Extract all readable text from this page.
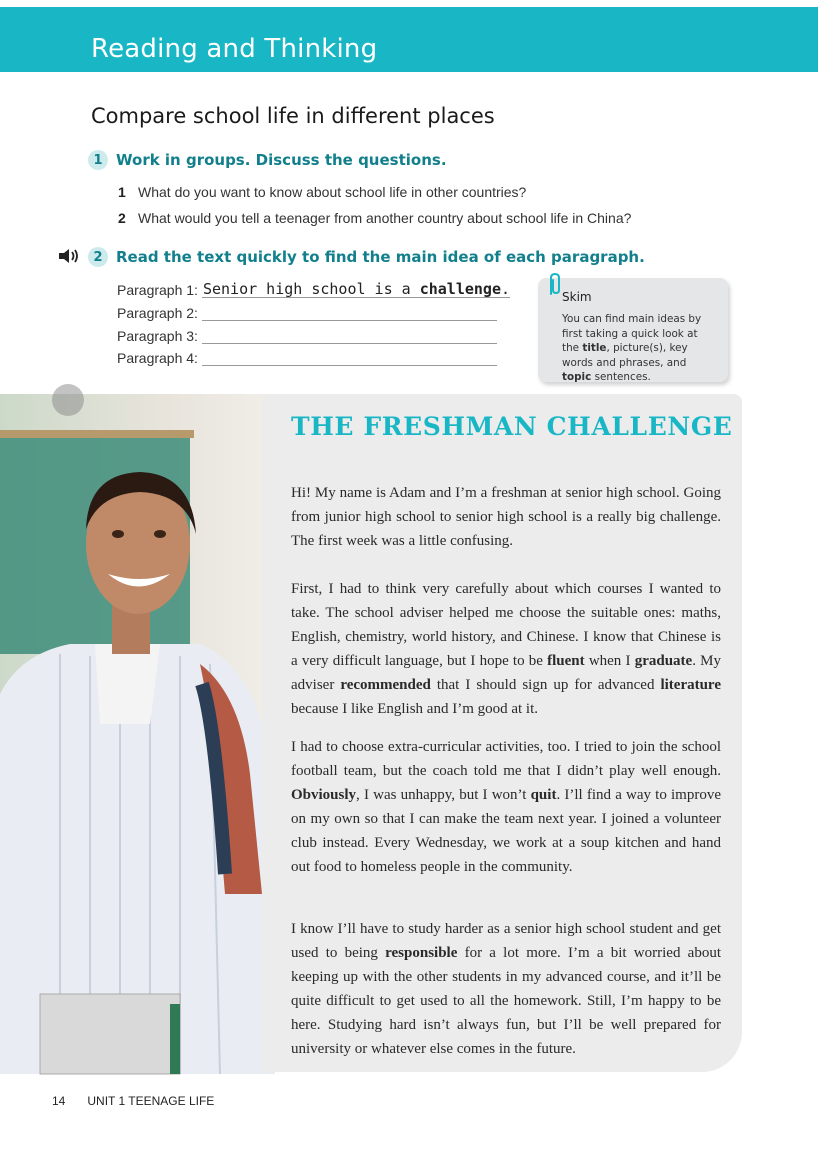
Reading and Thinking
Compare school life in different places
1 Work in groups. Discuss the questions.
1 What do you want to know about school life in other countries?
2 What would you tell a teenager from another country about school life in China?
2 Read the text quickly to find the main idea of each paragraph.
Paragraph 1: Senior high school is a challenge.
Paragraph 2:
Paragraph 3:
Paragraph 4:
Skim
You can find main ideas by first taking a quick look at the title, picture(s), key words and phrases, and topic sentences.
THE FRESHMAN CHALLENGE
Hi! My name is Adam and I’m a freshman at senior high school. Going from junior high school to senior high school is a really big challenge. The first week was a little confusing.
First, I had to think very carefully about which courses I wanted to take. The school adviser helped me choose the suitable ones: maths, English, chemistry, world history, and Chinese. I know that Chinese is a very difficult language, but I hope to be fluent when I graduate. My adviser recommended that I should sign up for advanced literature because I like English and I’m good at it.
I had to choose extra-curricular activities, too. I tried to join the school football team, but the coach told me that I didn’t play well enough. Obviously, I was unhappy, but I won’t quit. I’ll find a way to improve on my own so that I can make the team next year. I joined a volunteer club instead. Every Wednesday, we work at a soup kitchen and hand out food to homeless people in the community.
I know I’ll have to study harder as a senior high school student and get used to being responsible for a lot more. I’m a bit worried about keeping up with the other students in my advanced course, and it’ll be quite difficult to get used to all the homework. Still, I’m happy to be here. Studying hard isn’t always fun, but I’ll be well prepared for university or whatever else comes in the future.
14 UNIT 1 TEENAGE LIFE
